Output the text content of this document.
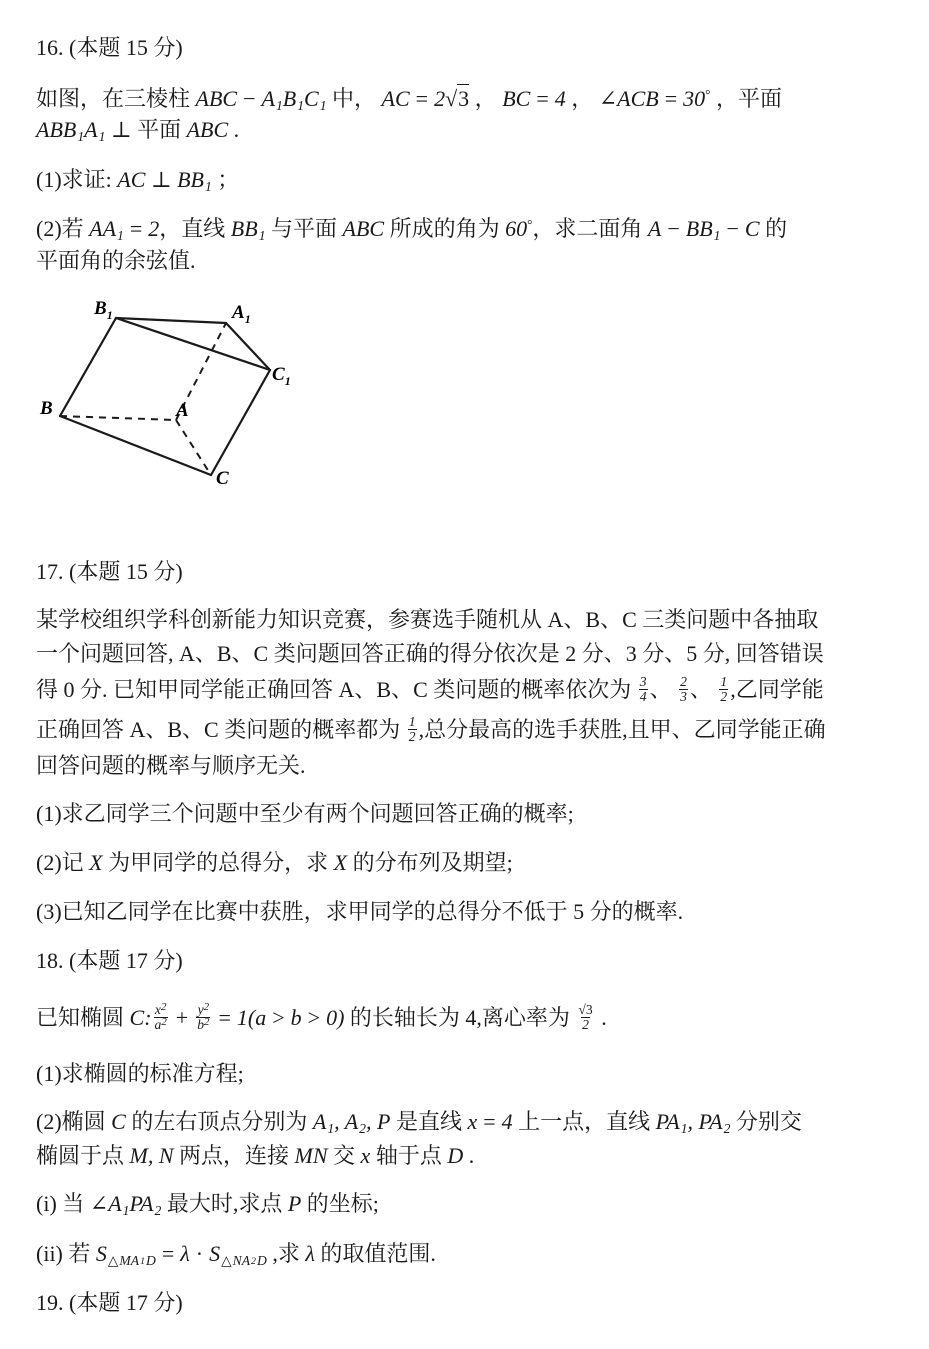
16. (本题 15 分)
如图，在三棱柱 ABC − A1B1C1 中， AC = 2√3 ， BC = 4 ， ∠ACB = 30° ，平面
ABB1A1 ⊥ 平面 ABC .
(1)求证: AC ⊥ BB1 ；
(2)若 AA1 = 2，直线 BB1 与平面 ABC 所成的角为 60°，求二面角 A − BB1 − C 的
平面角的余弦值.
$B_1$	$A_1$
$C_1$
B	A
C
17. (本题 15 分)
某学校组织学科创新能力知识竞赛，参赛选手随机从 A、B、C 三类问题中各抽取
一个问题回答, A、B、C 类问题回答正确的得分依次是 2 分、3 分、5 分, 回答错误
得 0 分. 已知甲同学能正确回答 A、B、C 类问题的概率依次为 $\frac{3}{4}$ 、 $\frac{2}{3}$ 、 $\frac{1}{2}$ ,乙同学能
正确回答 A、B、C 类问题的概率都为 $\frac{1}{2}$ ,总分最高的选手获胜,且甲、乙同学能正确
回答问题的概率与顺序无关.
(1)求乙同学三个问题中至少有两个问题回答正确的概率;
(2)记 X 为甲同学的总得分，求 X 的分布列及期望;
(3)已知乙同学在比赛中获胜，求甲同学的总得分不低于 5 分的概率.
18. (本题 17 分)
已知椭圆 C: $\frac{x^2}{a^2} + \frac{y^2}{b^2} = 1(a > b > 0)$ 的长轴长为 4,离心率为 $\frac{√3}{2}$ .
(1)求椭圆的标准方程;
(2)椭圆 C 的左右顶点分别为 A1, A2, P 是直线 x = 4 上一点，直线 PA1, PA2 分别交
椭圆于点 M, N 两点，连接 MN 交 x 轴于点 D .
(i) 当 ∠A1PA2 最大时,求点 P 的坐标;
(ii) 若 S△MA1D = λ · S△NA2D ,求 λ 的取值范围.
19. (本题 17 分)
